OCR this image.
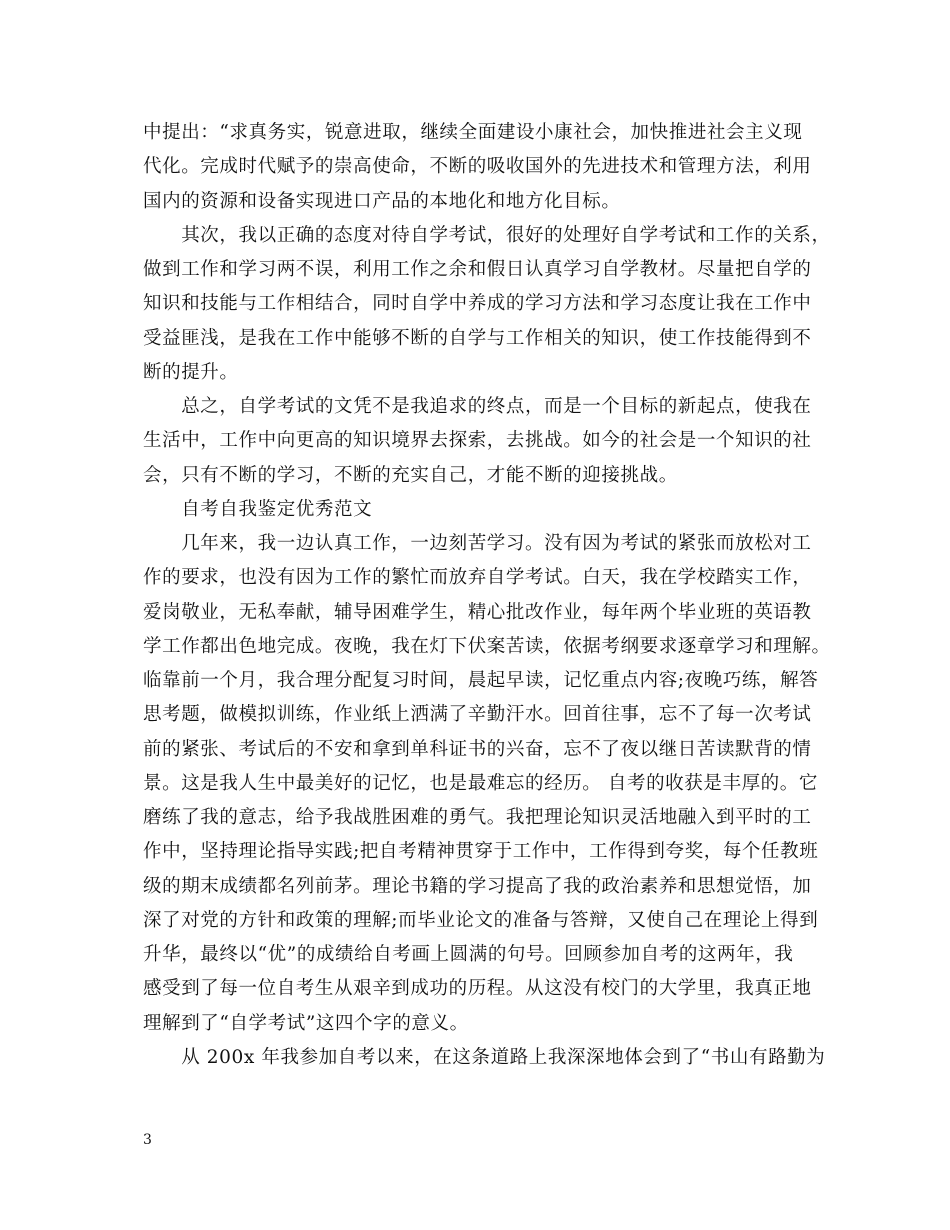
中提出：“求真务实，锐意进取，继续全面建设小康社会，加快推进社会主义现
代化。完成时代赋予的崇高使命，不断的吸收国外的先进技术和管理方法，利用
国内的资源和设备实现进口产品的本地化和地方化目标。
　　其次，我以正确的态度对待自学考试，很好的处理好自学考试和工作的关系，
做到工作和学习两不误，利用工作之余和假日认真学习自学教材。尽量把自学的
知识和技能与工作相结合，同时自学中养成的学习方法和学习态度让我在工作中
受益匪浅，是我在工作中能够不断的自学与工作相关的知识，使工作技能得到不
断的提升。
　　总之，自学考试的文凭不是我追求的终点，而是一个目标的新起点，使我在
生活中，工作中向更高的知识境界去探索，去挑战。如今的社会是一个知识的社
会，只有不断的学习，不断的充实自己，才能不断的迎接挑战。
　　自考自我鉴定优秀范文
　　几年来，我一边认真工作，一边刻苦学习。没有因为考试的紧张而放松对工
作的要求，也没有因为工作的繁忙而放弃自学考试。白天，我在学校踏实工作，
爱岗敬业，无私奉献，辅导困难学生，精心批改作业，每年两个毕业班的英语教
学工作都出色地完成。夜晚，我在灯下伏案苦读，依据考纲要求逐章学习和理解。
临靠前一个月，我合理分配复习时间，晨起早读，记忆重点内容;夜晚巧练，解答
思考题，做模拟训练，作业纸上洒满了辛勤汗水。回首往事，忘不了每一次考试
前的紧张、考试后的不安和拿到单科证书的兴奋，忘不了夜以继日苦读默背的情
景。这是我人生中最美好的记忆，也是最难忘的经历。 自考的收获是丰厚的。它
磨练了我的意志，给予我战胜困难的勇气。我把理论知识灵活地融入到平时的工
作中，坚持理论指导实践;把自考精神贯穿于工作中，工作得到夸奖，每个任教班
级的期末成绩都名列前茅。理论书籍的学习提高了我的政治素养和思想觉悟，加
深了对党的方针和政策的理解;而毕业论文的准备与答辩，又使自己在理论上得到
升华，最终以“优”的成绩给自考画上圆满的句号。回顾参加自考的这两年，我
感受到了每一位自考生从艰辛到成功的历程。从这没有校门的大学里，我真正地
理解到了“自学考试”这四个字的意义。
　　从 200x 年我参加自考以来，在这条道路上我深深地体会到了“书山有路勤为
3
